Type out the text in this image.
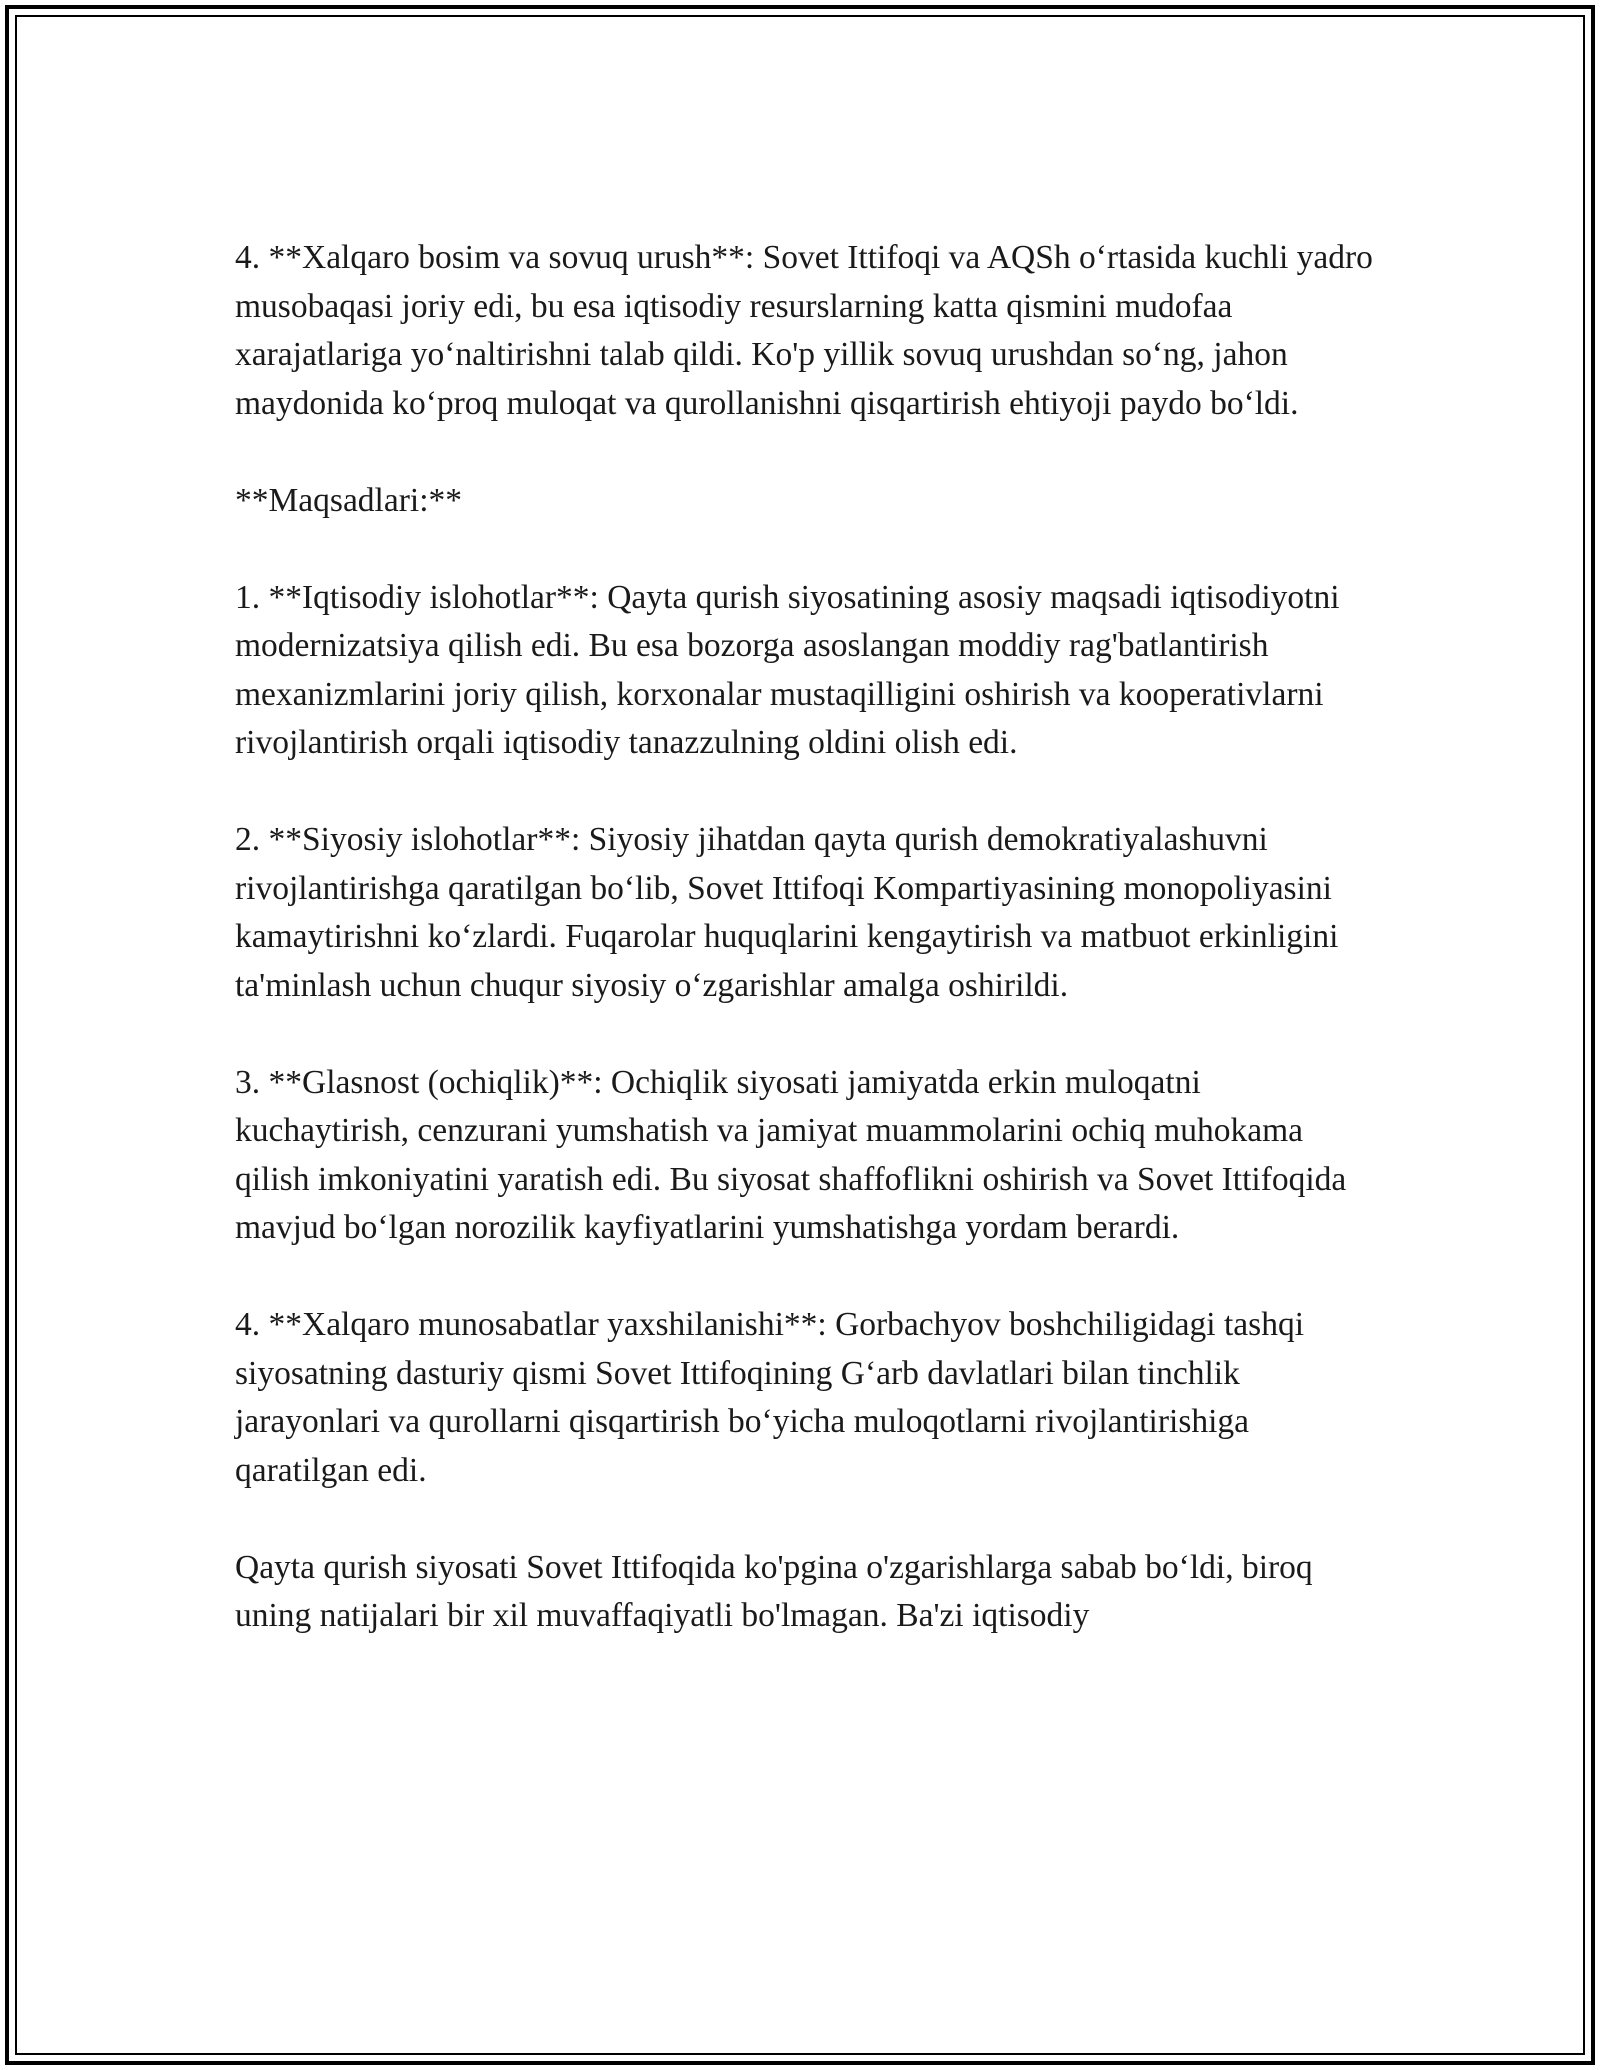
4. **Xalqaro bosim va sovuq urush**: Sovet Ittifoqi va AQSh o‘rtasida kuchli yadro musobaqasi joriy edi, bu esa iqtisodiy resurslarning katta qismini mudofaa xarajatlariga yo‘naltirishni talab qildi. Ko'p yillik sovuq urushdan so‘ng, jahon maydonida ko‘proq muloqat va qurollanishni qisqartirish ehtiyoji paydo bo‘ldi.

**Maqsadlari:**

1. **Iqtisodiy islohotlar**: Qayta qurish siyosatining asosiy maqsadi iqtisodiyotni modernizatsiya qilish edi. Bu esa bozorga asoslangan moddiy rag'batlantirish mexanizmlarini joriy qilish, korxonalar mustaqilligini oshirish va kooperativlarni rivojlantirish orqali iqtisodiy tanazzulning oldini olish edi.

2. **Siyosiy islohotlar**: Siyosiy jihatdan qayta qurish demokratiyalashuvni rivojlantirishga qaratilgan bo‘lib, Sovet Ittifoqi Kompartiyasining monopoliyasini kamaytirishni ko‘zlardi. Fuqarolar huquqlarini kengaytirish va matbuot erkinligini ta'minlash uchun chuqur siyosiy o‘zgarishlar amalga oshirildi.

3. **Glasnost (ochiqlik)**: Ochiqlik siyosati jamiyatda erkin muloqatni kuchaytirish, cenzurani yumshatish va jamiyat muammolarini ochiq muhokama qilish imkoniyatini yaratish edi. Bu siyosat shaffoflikni oshirish va Sovet Ittifoqida mavjud bo‘lgan norozilik kayfiyatlarini yumshatishga yordam berardi.

4. **Xalqaro munosabatlar yaxshilanishi**: Gorbachyov boshchiligidagi tashqi siyosatning dasturiy qismi Sovet Ittifoqining G‘arb davlatlari bilan tinchlik jarayonlari va qurollarni qisqartirish bo‘yicha muloqotlarni rivojlantirishiga qaratilgan edi.

Qayta qurish siyosati Sovet Ittifoqida ko'pgina o'zgarishlarga sabab bo‘ldi, biroq uning natijalari bir xil muvaffaqiyatli bo'lmagan. Ba'zi iqtisodiy
